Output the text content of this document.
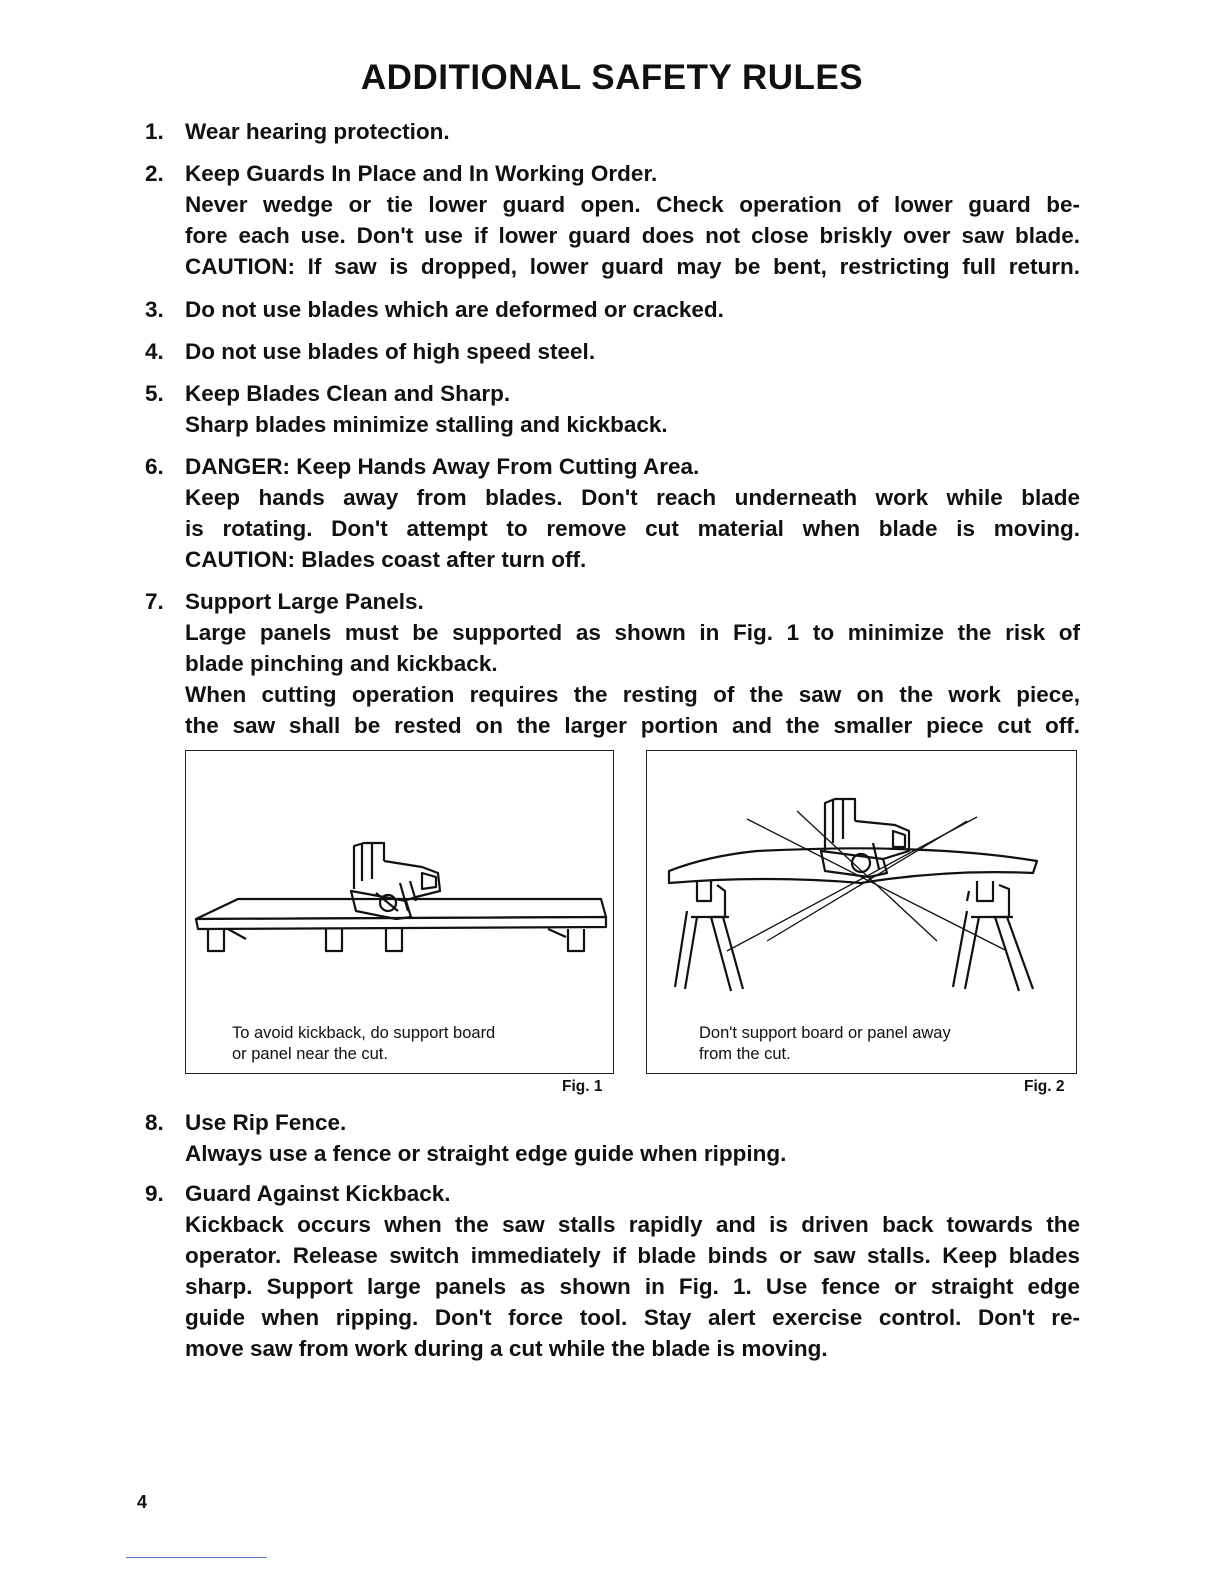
ADDITIONAL SAFETY RULES
1. Wear hearing protection.
2. Keep Guards In Place and In Working Order.
Never wedge or tie lower guard open. Check operation of lower guard be-
fore each use. Don't use if lower guard does not close briskly over saw blade.
CAUTION: If saw is dropped, lower guard may be bent, restricting full return.
3. Do not use blades which are deformed or cracked.
4. Do not use blades of high speed steel.
5. Keep Blades Clean and Sharp.
Sharp blades minimize stalling and kickback.
6. DANGER: Keep Hands Away From Cutting Area.
Keep hands away from blades. Don't reach underneath work while blade
is rotating. Don't attempt to remove cut material when blade is moving.
CAUTION: Blades coast after turn off.
7. Support Large Panels.
Large panels must be supported as shown in Fig. 1 to minimize the risk of
blade pinching and kickback.
When cutting operation requires the resting of the saw on the work piece,
the saw shall be rested on the larger portion and the smaller piece cut off.
8. Use Rip Fence.
Always use a fence or straight edge guide when ripping.
9. Guard Against Kickback.
Kickback occurs when the saw stalls rapidly and is driven back towards the
operator. Release switch immediately if blade binds or saw stalls. Keep blades
sharp. Support large panels as shown in Fig. 1. Use fence or straight edge
guide when ripping. Don't force tool. Stay alert exercise control. Don't re-
move saw from work during a cut while the blade is moving.
To avoid kickback, do support board
or panel near the cut.
Fig. 1
Don't support board or panel away
from the cut.
Fig. 2
4
